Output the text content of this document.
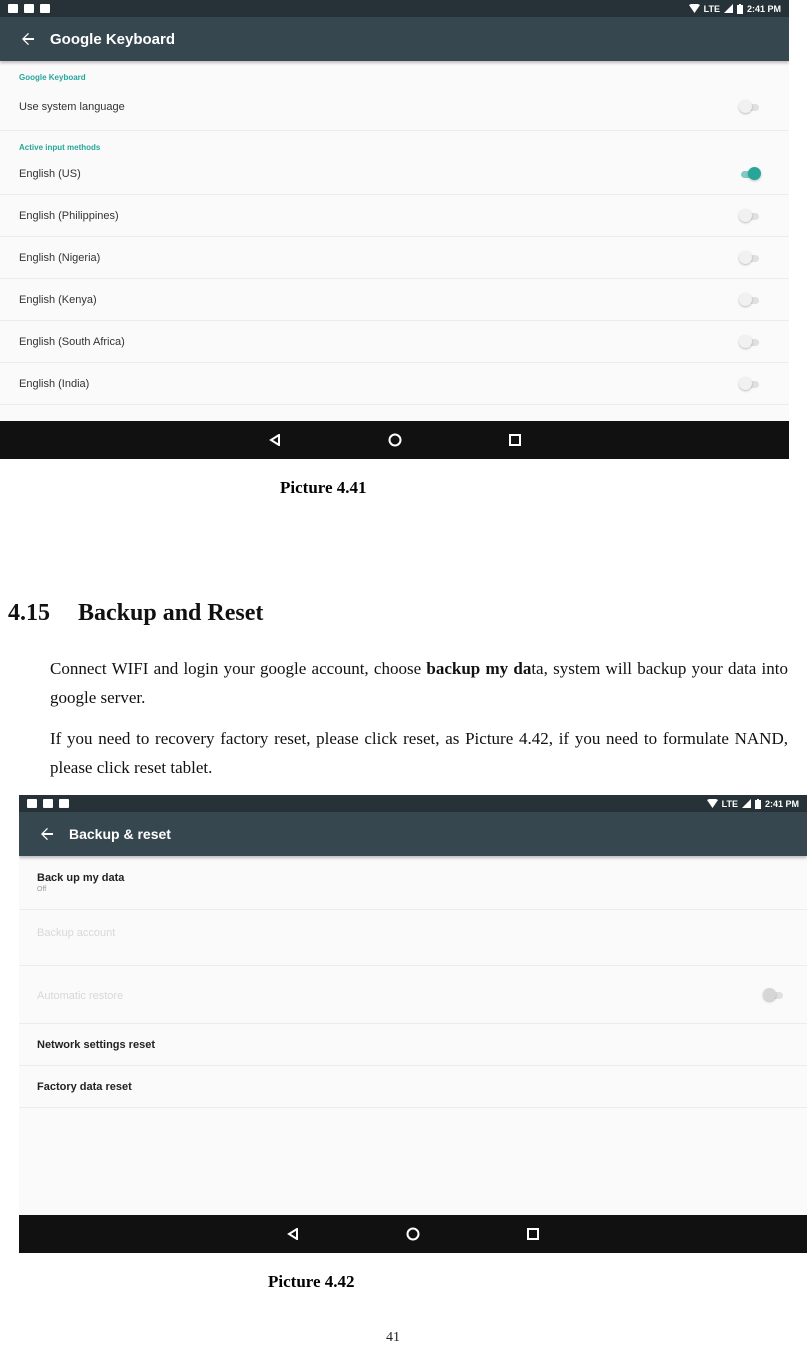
LTE	2:41 PM
Google Keyboard
Google Keyboard
Use system language
Active input methods
English (US)
English (Philippines)
English (Nigeria)
English (Kenya)
English (South Africa)
English (India)
Picture 4.41
4.15 Backup and Reset

Connect WIFI and login your google account, choose backup my data, system will backup your data into google server.

If you need to recovery factory reset, please click reset, as Picture 4.42, if you need to formulate NAND, please click reset tablet.

LTE	2:41 PM
Backup & reset
Back up my data
Off
Backup account

Automatic restore
Network settings reset
Factory data reset
Picture 4.42
41
